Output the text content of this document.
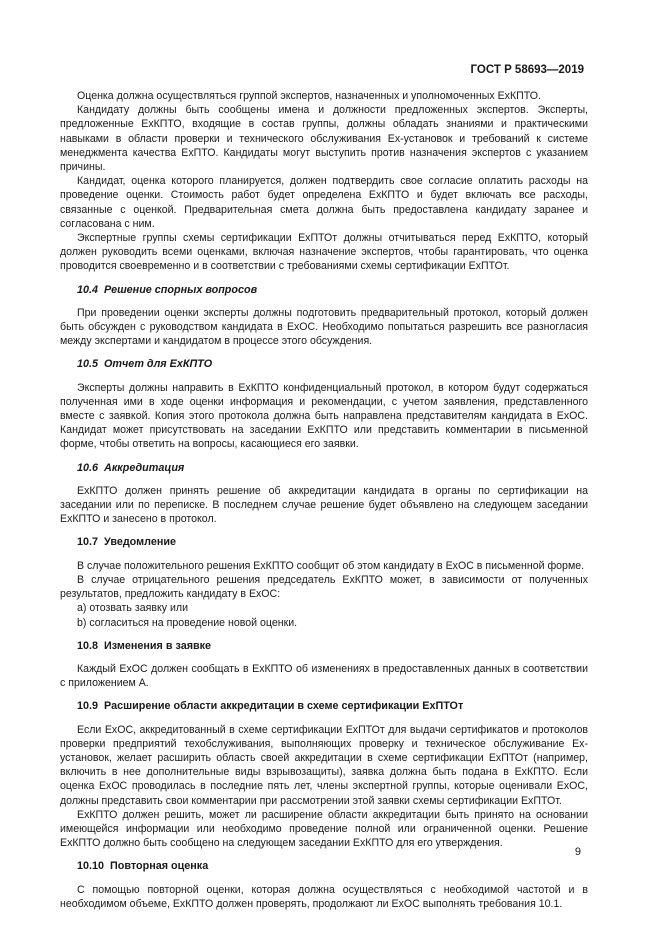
ГОСТ Р 58693—2019

Оценка должна осуществляться группой экспертов, назначенных и уполномоченных ExКПТО.

Кандидату должны быть сообщены имена и должности предложенных экспертов. Эксперты, предложенные ExКПТО, входящие в состав группы, должны обладать знаниями и практическими навыками в области проверки и технического обслуживания Ех-установок и требований к системе менеджмента качества ExПТО. Кандидаты могут выступить против назначения экспертов с указанием причины.

Кандидат, оценка которого планируется, должен подтвердить свое согласие оплатить расходы на проведение оценки. Стоимость работ будет определена ExКПТО и будет включать все расходы, связанные с оценкой. Предварительная смета должна быть предоставлена кандидату заранее и согласована с ним.

Экспертные группы схемы сертификации ExПТОт должны отчитываться перед ExКПТО, который должен руководить всеми оценками, включая назначение экспертов, чтобы гарантировать, что оценка проводится своевременно и в соответствии с требованиями схемы сертификации ExПТОт.

10.4 Решение спорных вопросов

При проведении оценки эксперты должны подготовить предварительный протокол, который должен быть обсужден с руководством кандидата в ExOC. Необходимо попытаться разрешить все разногласия между экспертами и кандидатом в процессе этого обсуждения.

10.5 Отчет для ExКПТО

Эксперты должны направить в ExКПТО конфиденциальный протокол, в котором будут содержаться полученная ими в ходе оценки информация и рекомендации, с учетом заявления, представленного вместе с заявкой. Копия этого протокола должна быть направлена представителям кандидата в ExOC. Кандидат может присутствовать на заседании ExКПТО или представить комментарии в письменной форме, чтобы ответить на вопросы, касающиеся его заявки.

10.6 Аккредитация

ExКПТО должен принять решение об аккредитации кандидата в органы по сертификации на заседании или по переписке. В последнем случае решение будет объявлено на следующем заседании ExКПТО и занесено в протокол.

10.7 Уведомление

В случае положительного решения ExКПТО сообщит об этом кандидату в ExOC в письменной форме.

В случае отрицательного решения председатель ExКПТО может, в зависимости от полученных результатов, предложить кандидату в ExOC:

а) отозвать заявку или
b) согласиться на проведение новой оценки.
10.8 Изменения в заявке

Каждый ExOC должен сообщать в ExКПТО об изменениях в предоставленных данных в соответствии с приложением А.

10.9 Расширение области аккредитации в схеме сертификации ExПТОт

Если ExOC, аккредитованный в схеме сертификации ExПТОт для выдачи сертификатов и протоколов проверки предприятий техобслуживания, выполняющих проверку и техническое обслуживание Ex-установок, желает расширить область своей аккредитации в схеме сертификации ExПТОт (например, включить в нее дополнительные виды взрывозащиты), заявка должна быть подана в ExКПТО. Если оценка ExOC проводилась в последние пять лет, члены экспертной группы, которые оценивали ExOC, должны представить свои комментарии при рассмотрении этой заявки схемы сертификации ExПТОт.

ExКПТО должен решить, может ли расширение области аккредитации быть принято на основании имеющейся информации или необходимо проведение полной или ограниченной оценки. Решение ExКПТО должно быть сообщено на следующем заседании ExКПТО для его утверждения.

10.10 Повторная оценка

С помощью повторной оценки, которая должна осуществляться с необходимой частотой и в необходимом объеме, ExКПТО должен проверять, продолжают ли ExOC выполнять требования 10.1.

9
